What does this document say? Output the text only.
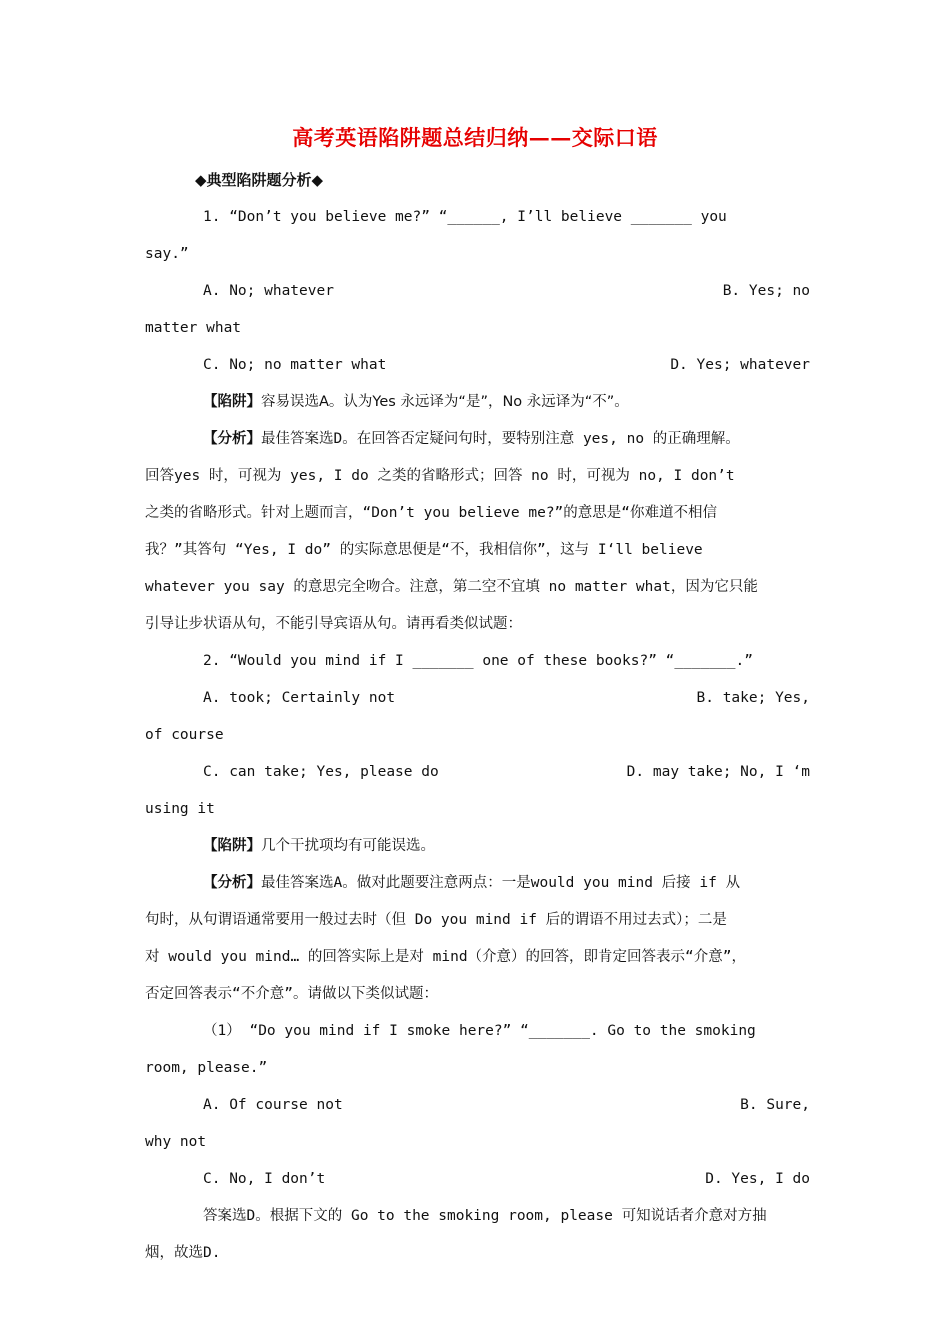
高考英语陷阱题总结归纳——交际口语
◆典型陷阱题分析◆
1. “Don’t you believe me?” “______, I’ll believe _______ you
say.”
A. No; whatever	B. Yes; no
matter what
C. No; no matter what	D. Yes; whatever
【陷阱】容易误选A。认为Yes 永远译为“是”，No 永远译为“不”。
【分析】最佳答案选D。在回答否定疑问句时，要特别注意 yes, no 的正确理解。
回答yes 时，可视为 yes, I do 之类的省略形式；回答 no 时，可视为 no, I don’t
之类的省略形式。针对上题而言，“Don’t you believe me?”的意思是“你难道不相信
我？”其答句 “Yes, I do” 的实际意思便是“不，我相信你”，这与 I‘ll believe
whatever you say 的意思完全吻合。注意，第二空不宜填 no matter what，因为它只能
引导让步状语从句，不能引导宾语从句。请再看类似试题：
2. “Would you mind if I _______ one of these books?” “_______.”
A. took; Certainly not	B. take; Yes,
of course
C. can take; Yes, please do	D. may take; No, I ‘m
using it
【陷阱】几个干扰项均有可能误选。
【分析】最佳答案选A。做对此题要注意两点：一是would you mind 后接 if 从
句时，从句谓语通常要用一般过去时（但 Do you mind if 后的谓语不用过去式）；二是
对 would you mind… 的回答实际上是对 mind（介意）的回答，即肯定回答表示“介意”，
否定回答表示“不介意”。请做以下类似试题：
（1） “Do you mind if I smoke here?” “_______. Go to the smoking
room, please.”
A. Of course not	B. Sure,
why not
C. No, I don’t	D. Yes, I do
答案选D。根据下文的 Go to the smoking room, please 可知说话者介意对方抽
烟，故选D.
